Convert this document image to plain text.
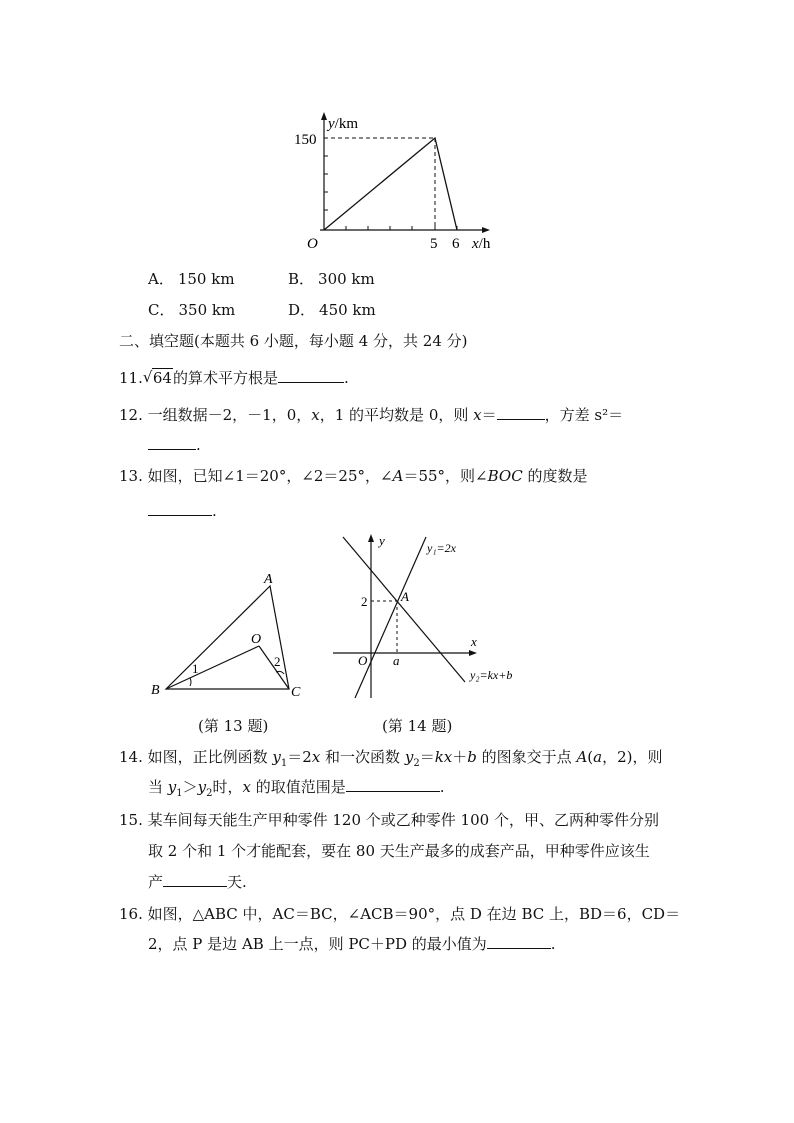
y/km
150
O	5 6 x/h
A． 150 km	B． 300 km
C． 350 km	D． 450 km
二、填空题(本题共 6 小题，每小题 4 分，共 24 分)
11. √ 64的算术平方根是	.
12. 一组数据－2，－1，0，x，1 的平均数是 0，则 x＝	，方差 s²＝
.
13. 如图，已知∠1＝20°，∠2＝25°，∠A＝55°，则∠BOC 的度数是
.
A
O
B	C
1	2
(第 13 题)
y
x
O
A
a
2
y₁=2x
y₂=kx+b
(第 14 题)
14. 如图，正比例函数 $y_1=2x$ 和一次函数 $y_2=kx+b$ 的图象交于点 A(a，2)，则
当 $y_1>y_2$时，x 的取值范围是	.
15. 某车间每天能生产甲种零件 120 个或乙种零件 100 个，甲、乙两种零件分别
取 2 个和 1 个才能配套，要在 80 天生产最多的成套产品，甲种零件应该生
产	天.
16. 如图，△ABC 中，AC＝BC，∠ACB＝90°，点 D 在边 BC 上，BD＝6，CD＝
2，点 P 是边 AB 上一点，则 PC＋PD 的最小值为	.
